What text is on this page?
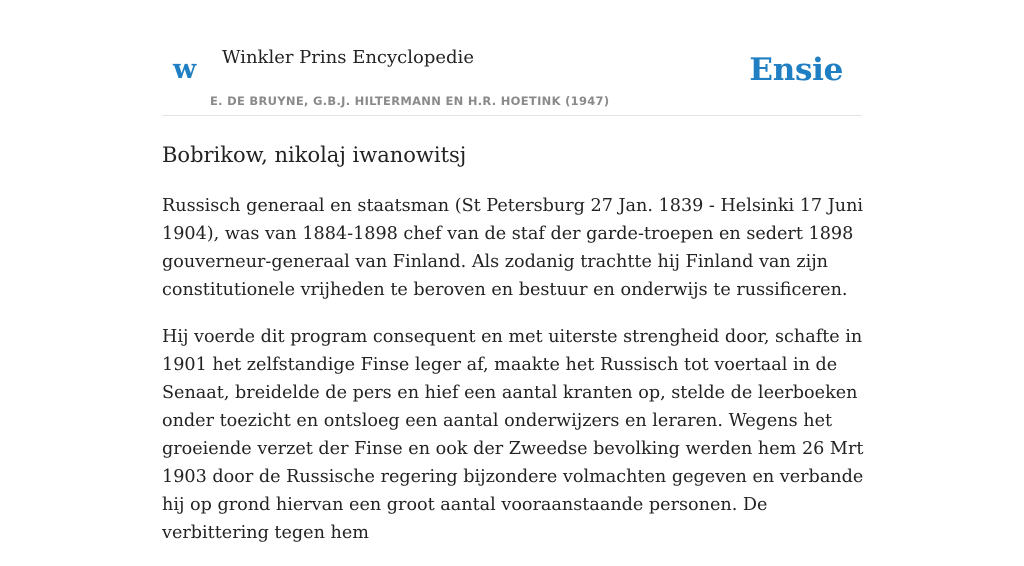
w Winkler Prins Encyclopedie
E. DE BRUYNE, G.B.J. HILTERMANN EN H.R. HOETINK (1947)
Ensie
Bobrikow, nikolaj iwanowitsj

Russisch generaal en staatsman (St Petersburg 27 Jan. 1839 - Helsinki 17 Juni 1904), was van 1884-1898 chef van de staf der garde-troepen en sedert 1898 gouverneur-generaal van Finland. Als zodanig trachtte hij Finland van zijn constitutionele vrijheden te beroven en bestuur en onderwijs te russificeren.

Hij voerde dit program consequent en met uiterste strengheid door, schafte in 1901 het zelfstandige Finse leger af, maakte het Russisch tot voertaal in de Senaat, breidelde de pers en hief een aantal kranten op, stelde de leerboeken onder toezicht en ontsloeg een aantal onderwijzers en leraren. Wegens het groeiende verzet der Finse en ook der Zweedse bevolking werden hem 26 Mrt 1903 door de Russische regering bijzondere volmachten gegeven en verbande hij op grond hiervan een groot aantal vooraanstaande personen. De verbittering tegen hem
